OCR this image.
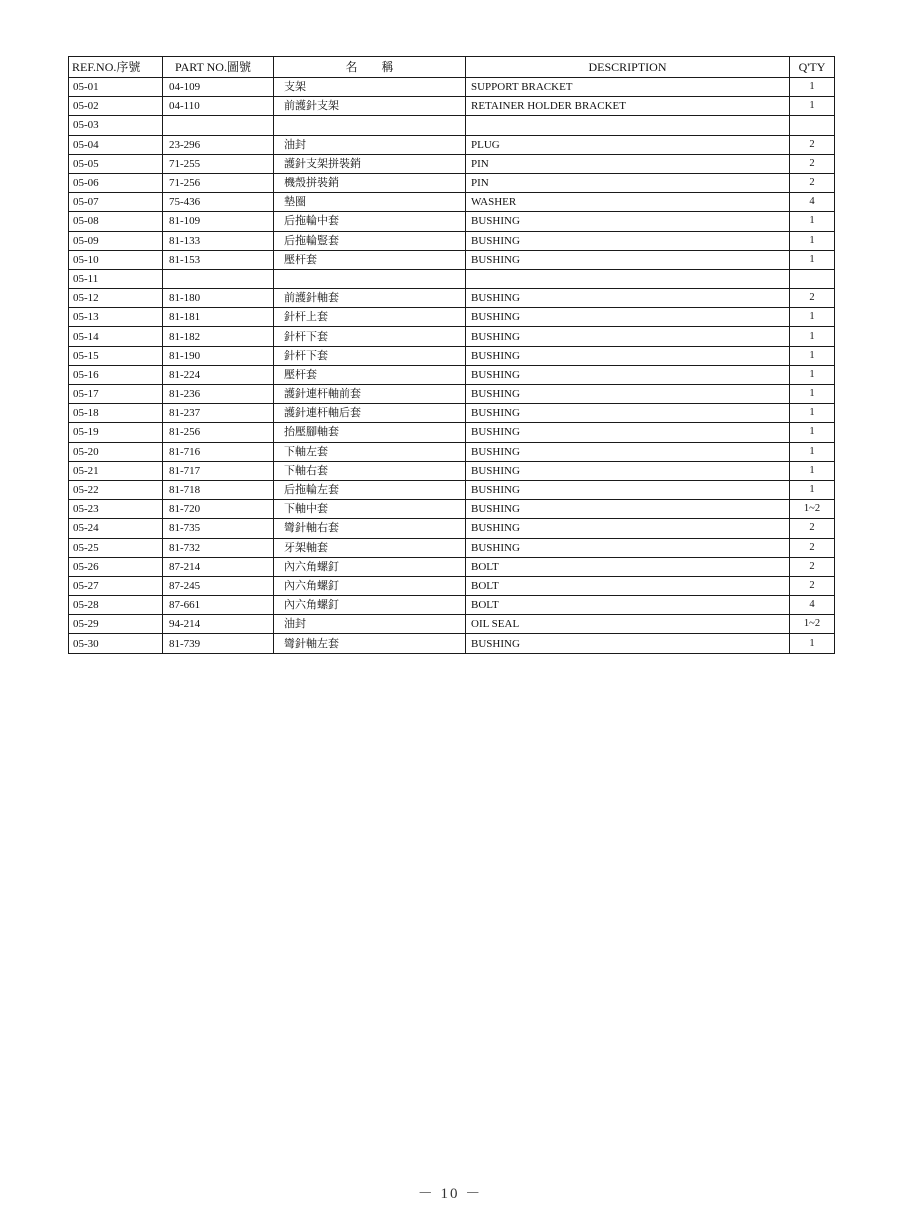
REF.NO.序號	PART NO.圖號	名　　稱	DESCRIPTION	Q'TY
05-01	04-109	支架	SUPPORT BRACKET	1
05-02	04-110	前護針支架	RETAINER HOLDER BRACKET	1
05-03				
05-04	23-296	油封	PLUG	2
05-05	71-255	護針支架拼裝銷	PIN	2
05-06	71-256	機殼拼裝銷	PIN	2
05-07	75-436	墊圈	WASHER	4
05-08	81-109	后拖輪中套	BUSHING	1
05-09	81-133	后拖輪豎套	BUSHING	1
05-10	81-153	壓杆套	BUSHING	1
05-11				
05-12	81-180	前護針軸套	BUSHING	2
05-13	81-181	針杆上套	BUSHING	1
05-14	81-182	針杆下套	BUSHING	1
05-15	81-190	針杆下套	BUSHING	1
05-16	81-224	壓杆套	BUSHING	1
05-17	81-236	護針連杆軸前套	BUSHING	1
05-18	81-237	護針連杆軸后套	BUSHING	1
05-19	81-256	抬壓腳軸套	BUSHING	1
05-20	81-716	下軸左套	BUSHING	1
05-21	81-717	下軸右套	BUSHING	1
05-22	81-718	后拖輪左套	BUSHING	1
05-23	81-720	下軸中套	BUSHING	1~2
05-24	81-735	彎針軸右套	BUSHING	2
05-25	81-732	牙架軸套	BUSHING	2
05-26	87-214	內六角螺釘	BOLT	2
05-27	87-245	內六角螺釘	BOLT	2
05-28	87-661	內六角螺釘	BOLT	4
05-29	94-214	油封	OIL SEAL	1~2
05-30	81-739	彎針軸左套	BUSHING	1
－ 10 －
